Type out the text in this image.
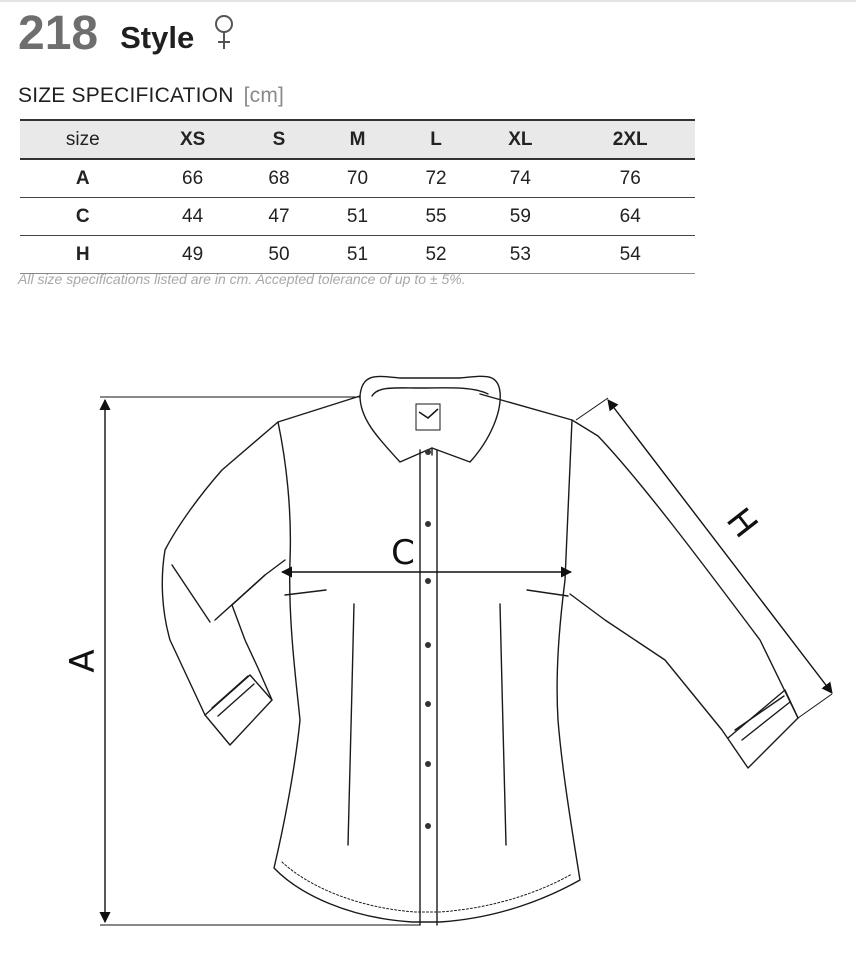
218 Style
SIZE SPECIFICATION [cm]
size	XS	S	M	L	XL	2XL
A	66	68	70	72	74	76
C	44	47	51	55	59	64
H	49	50	51	52	53	54
All size specifications listed are in cm. Accepted tolerance of up to ± 5%.
A
C
H
